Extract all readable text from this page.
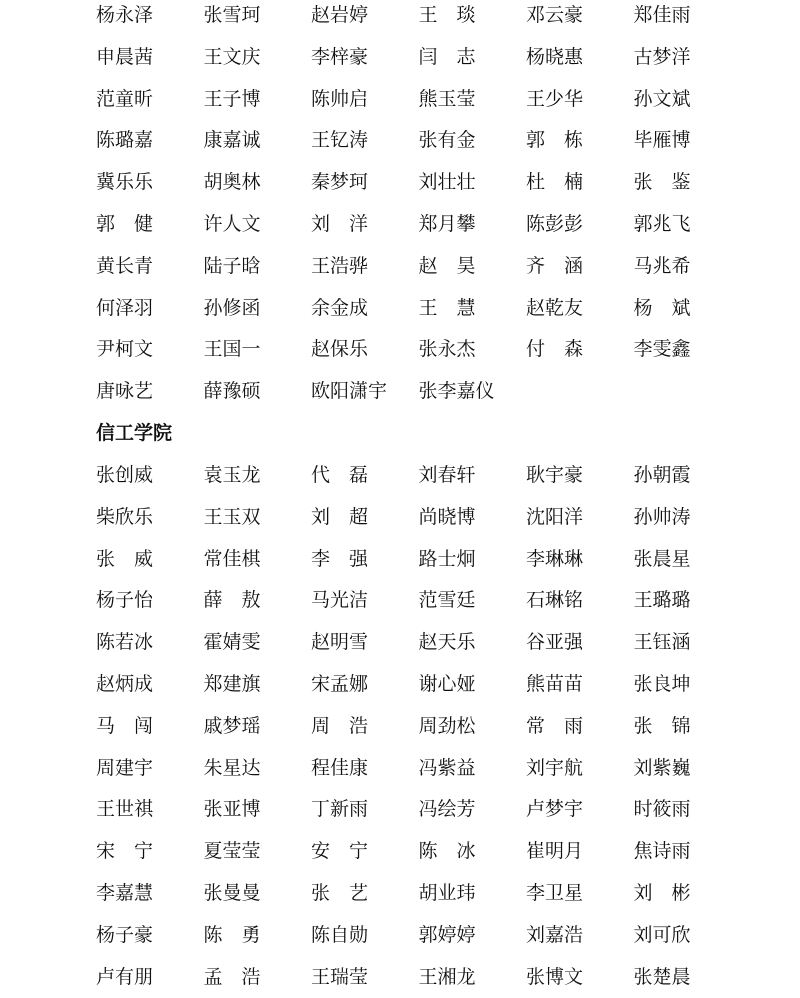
杨永泽	张雪珂	赵岩婷	王　琰	邓云豪	郑佳雨
申晨茜	王文庆	李梓豪	闫　志	杨晓惠	古梦洋
范童昕	王子博	陈帅启	熊玉莹	王少华	孙文斌
陈璐嘉	康嘉诚	王钇涛	张有金	郭　栋	毕雁博
冀乐乐	胡奥林	秦梦珂	刘壮壮	杜　楠	张　鉴
郭　健	许人文	刘　洋	郑月攀	陈彭彭	郭兆飞
黄长青	陆子晗	王浩骅	赵　昊	齐　涵	马兆希
何泽羽	孙修函	余金成	王　慧	赵乾友	杨　斌
尹柯文	王国一	赵保乐	张永杰	付　森	李雯鑫
唐咏艺	薛豫硕	欧阳潇宇 张李嘉仪
信工学院
张创威	袁玉龙	代　磊	刘春轩	耿宇豪	孙朝霞
柴欣乐	王玉双	刘　超	尚晓博	沈阳洋	孙帅涛
张　威	常佳棋	李　强	路士炯	李琳琳	张晨星
杨子怡	薛　敖	马光洁	范雪廷	石琳铭	王璐璐
陈若冰	霍婧雯	赵明雪	赵天乐	谷亚强	王钰涵
赵炳成	郑建旗	宋孟娜	谢心娅	熊苗苗	张良坤
马　闯	戚梦瑶	周　浩	周劲松	常　雨	张　锦
周建宇	朱星达	程佳康	冯紫益	刘宇航	刘紫巍
王世祺	张亚博	丁新雨	冯绘芳	卢梦宇	时筱雨
宋　宁	夏莹莹	安　宁	陈　冰	崔明月	焦诗雨
李嘉慧	张曼曼	张　艺	胡业玮	李卫星	刘　彬
杨子豪	陈　勇	陈自勋	郭婷婷	刘嘉浩	刘可欣
卢有朋	孟　浩	王瑞莹	王湘龙	张博文	张楚晨
